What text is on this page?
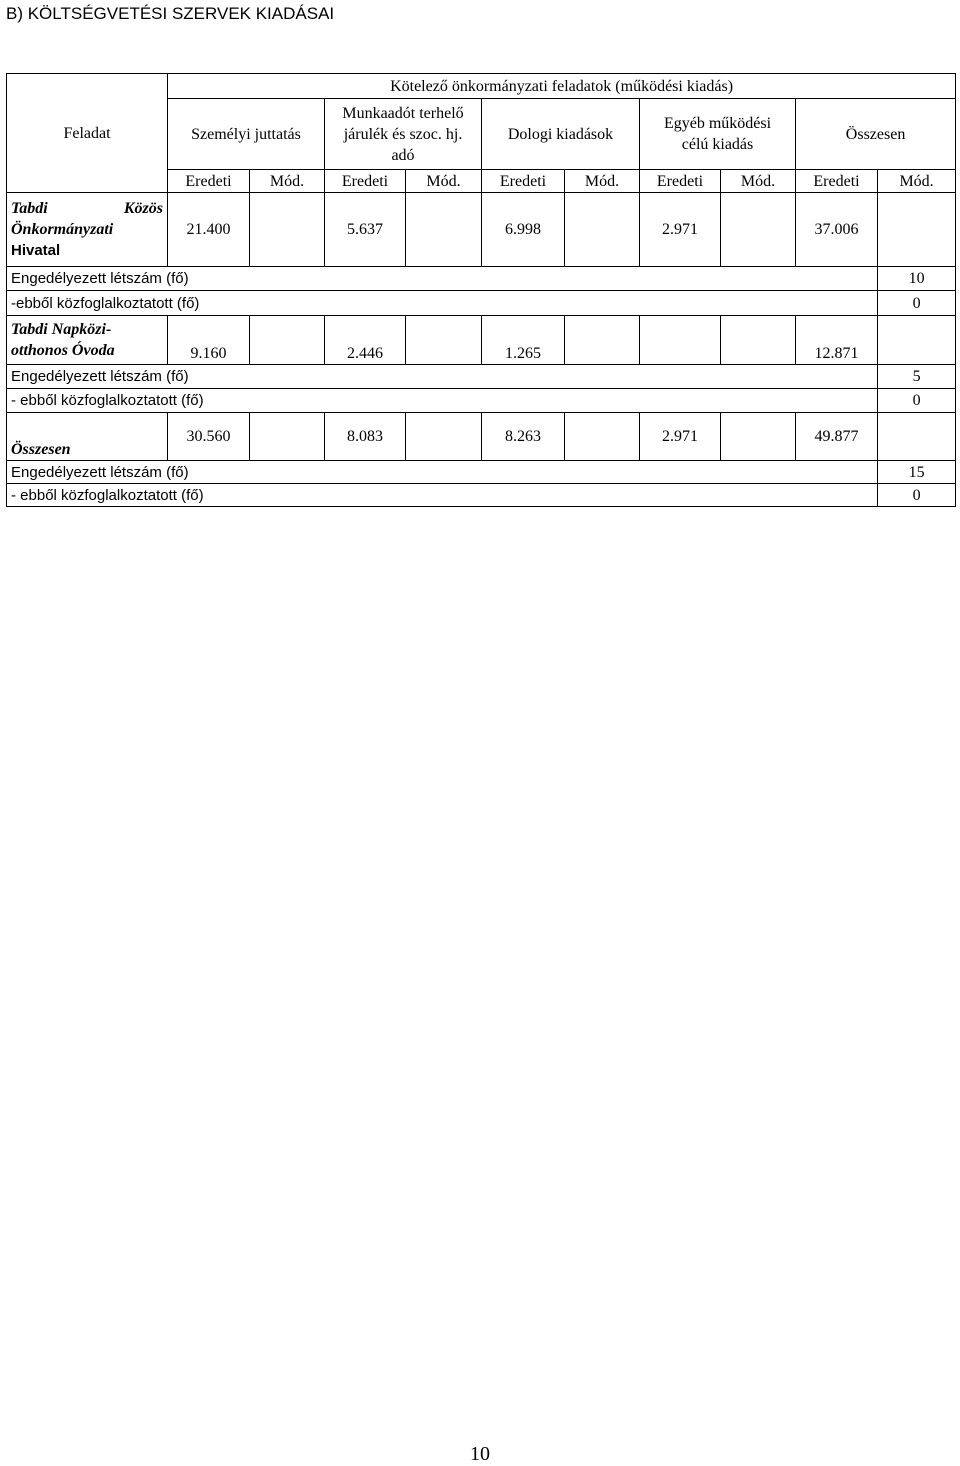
B) KÖLTSÉGVETÉSI SZERVEK KIADÁSAI
Feladat	Kötelező önkormányzati feladatok (működési kiadás)									
	Személyi juttatás		Munkaadót terhelő járulék és szoc. hj. adó		Dologi kiadások		Egyéb működési célú kiadás		Összesen	
	Eredeti	Mód.	Eredeti	Mód.	Eredeti	Mód.	Eredeti	Mód.	Eredeti	Mód.

Tabdi Közös
Önkormányzati
Hivatal	21.400		5.637		6.998		2.971		37.006	
Engedélyezett létszám (fő)										10
-ebből közfoglalkoztatott (fő)										0

Tabdi Napközi-
otthonos Óvoda	9.160		2.446		1.265				12.871	
Engedélyezett létszám (fő)										5
- ebből közfoglalkoztatott (fő)										0
Összesen	30.560		8.083		8.263		2.971		49.877	
Engedélyezett létszám (fő)										15
- ebből közfoglalkoztatott (fő)										0
10
